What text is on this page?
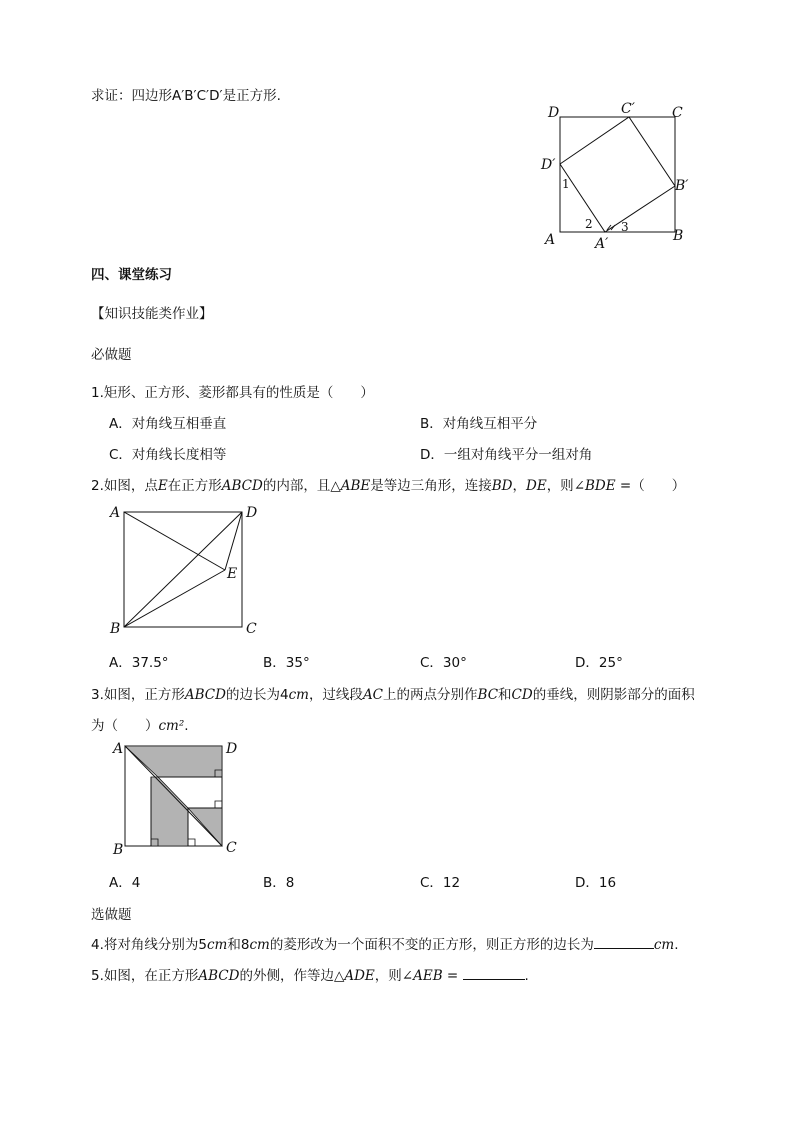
求证：四边形A′B′C′D′是正方形.
D	C′	C
D′
1	B′
2 3
A	A′	B
四、课堂练习
【知识技能类作业】
必做题
1.矩形、正方形、菱形都具有的性质是（　　）
A．对角线互相垂直	B．对角线互相平分
C．对角线长度相等	D．一组对角线平分一组对角
2.如图，点E在正方形ABCD的内部，且△ABE是等边三角形，连接BD，DE，则∠BDE =（　　）
A	D
E
B	C
A．37.5°	B．35°	C．30°	D．25°
3.如图，正方形ABCD的边长为4cm，过线段AC上的两点分别作BC和CD的垂线，则阴影部分的面积
为（　　）cm².
A	D
B	C
A．4	B．8	C．12	D．16
选做题
4.将对角线分别为5cm和8cm的菱形改为一个面积不变的正方形，则正方形的边长为	cm.
5.如图，在正方形ABCD的外侧，作等边△ADE，则∠AEB =	.
